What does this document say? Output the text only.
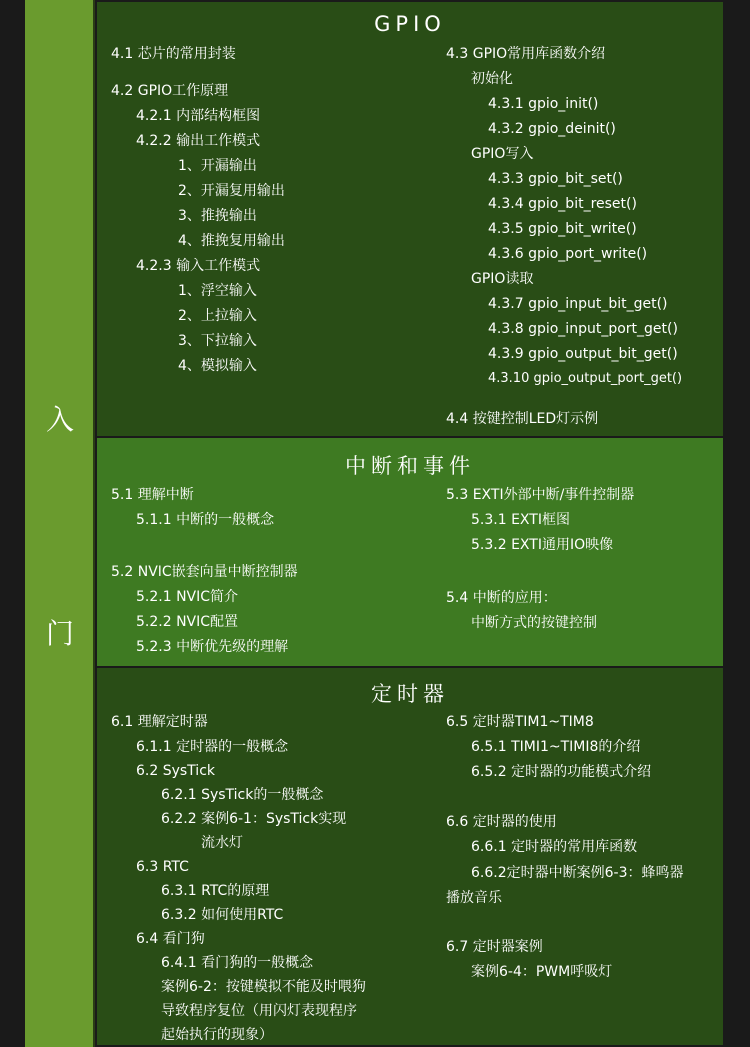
入
门
GPIO
4.1 芯片的常用封装
4.2 GPIO工作原理
4.2.1 内部结构框图
4.2.2 输出工作模式
1、开漏输出
2、开漏复用输出
3、推挽输出
4、推挽复用输出
4.2.3 输入工作模式
1、浮空输入
2、上拉输入
3、下拉输入
4、模拟输入
4.3 GPIO常用库函数介绍
初始化
4.3.1 gpio_init()
4.3.2 gpio_deinit()
GPIO写入
4.3.3 gpio_bit_set()
4.3.4 gpio_bit_reset()
4.3.5 gpio_bit_write()
4.3.6 gpio_port_write()
GPIO读取
4.3.7 gpio_input_bit_get()
4.3.8 gpio_input_port_get()
4.3.9 gpio_output_bit_get()
4.3.10 gpio_output_port_get()
4.4 按键控制LED灯示例
中断和事件
5.1 理解中断
5.1.1 中断的一般概念
5.2 NVIC嵌套向量中断控制器
5.2.1 NVIC简介
5.2.2 NVIC配置
5.2.3 中断优先级的理解
5.3 EXTI外部中断/事件控制器
5.3.1 EXTI框图
5.3.2 EXTI通用IO映像
5.4 中断的应用：
中断方式的按键控制
定时器
6.1 理解定时器
6.1.1 定时器的一般概念
6.2 SysTick
6.2.1 SysTick的一般概念
6.2.2 案例6-1：SysTick实现
流水灯
6.3 RTC
6.3.1 RTC的原理
6.3.2 如何使用RTC
6.4 看门狗
6.4.1 看门狗的一般概念
案例6-2：按键模拟不能及时喂狗
导致程序复位（用闪灯表现程序
起始执行的现象）
6.5 定时器TIM1~TIM8
6.5.1 TIMI1~TIMI8的介绍
6.5.2 定时器的功能模式介绍
6.6 定时器的使用
6.6.1 定时器的常用库函数
6.6.2定时器中断案例6-3：蜂鸣器
播放音乐
6.7 定时器案例
案例6-4：PWM呼吸灯
